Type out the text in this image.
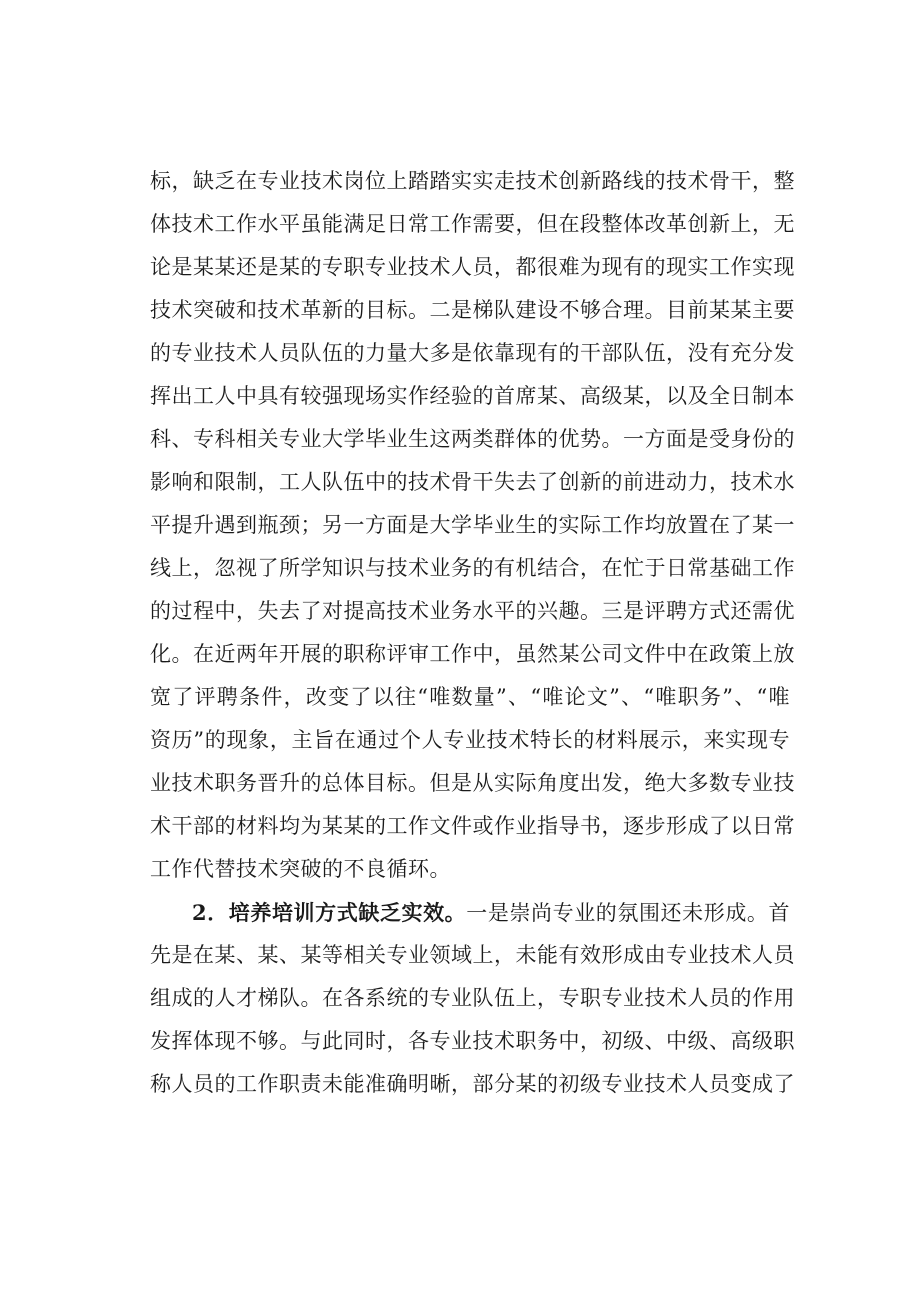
标，缺乏在专业技术岗位上踏踏实实走技术创新路线的技术骨干，整
体技术工作水平虽能满足日常工作需要，但在段整体改革创新上，无
论是某某还是某的专职专业技术人员，都很难为现有的现实工作实现
技术突破和技术革新的目标。二是梯队建设不够合理。目前某某主要
的专业技术人员队伍的力量大多是依靠现有的干部队伍，没有充分发
挥出工人中具有较强现场实作经验的首席某、高级某，以及全日制本
科、专科相关专业大学毕业生这两类群体的优势。一方面是受身份的
影响和限制，工人队伍中的技术骨干失去了创新的前进动力，技术水
平提升遇到瓶颈；另一方面是大学毕业生的实际工作均放置在了某一
线上，忽视了所学知识与技术业务的有机结合，在忙于日常基础工作
的过程中，失去了对提高技术业务水平的兴趣。三是评聘方式还需优
化。在近两年开展的职称评审工作中，虽然某公司文件中在政策上放
宽了评聘条件，改变了以往“唯数量”、“唯论文”、“唯职务”、“唯
资历”的现象，主旨在通过个人专业技术特长的材料展示，来实现专
业技术职务晋升的总体目标。但是从实际角度出发，绝大多数专业技
术干部的材料均为某某的工作文件或作业指导书，逐步形成了以日常
工作代替技术突破的不良循环。
2．培养培训方式缺乏实效。一是崇尚专业的氛围还未形成。首
先是在某、某、某等相关专业领域上，未能有效形成由专业技术人员
组成的人才梯队。在各系统的专业队伍上，专职专业技术人员的作用
发挥体现不够。与此同时，各专业技术职务中，初级、中级、高级职
称人员的工作职责未能准确明晰，部分某的初级专业技术人员变成了
